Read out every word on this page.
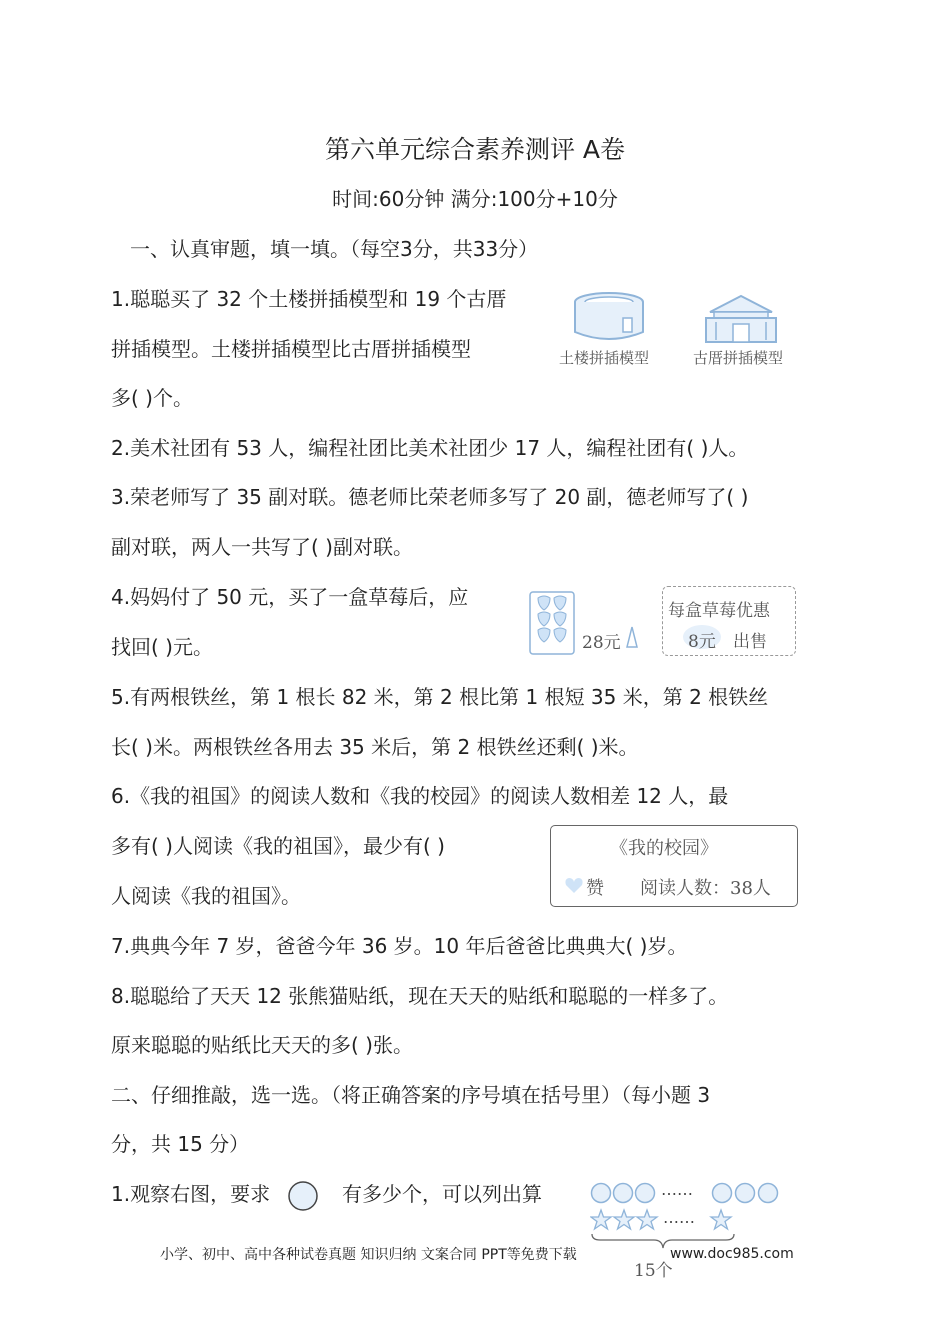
第六单元综合素养测评 A卷
时间:60分钟 满分:100分+10分
一、认真审题，填一填。（每空3分，共33分）
1.聪聪买了 32 个土楼拼插模型和 19 个古厝
拼插模型。土楼拼插模型比古厝拼插模型
多( )个。
土楼拼插模型	古厝拼插模型
2.美术社团有 53 人，编程社团比美术社团少 17 人，编程社团有( )人。
3.荣老师写了 35 副对联。德老师比荣老师多写了 20 副，德老师写了( )
副对联，两人一共写了( )副对联。
4.妈妈付了 50 元，买了一盒草莓后，应
找回( )元。	28元
每盒草莓优惠
8元 出售
5.有两根铁丝，第 1 根长 82 米，第 2 根比第 1 根短 35 米，第 2 根铁丝
长( )米。两根铁丝各用去 35 米后，第 2 根铁丝还剩( )米。
6.《我的祖国》的阅读人数和《我的校园》的阅读人数相差 12 人，最
多有( )人阅读《我的祖国》，最少有( )
人阅读《我的祖国》。
《我的校园》
赞 阅读人数：38人
7.典典今年 7 岁，爸爸今年 36 岁。10 年后爸爸比典典大( )岁。
8.聪聪给了天天 12 张熊猫贴纸，现在天天的贴纸和聪聪的一样多了。
原来聪聪的贴纸比天天的多( )张。
二、仔细推敲，选一选。（将正确答案的序号填在括号里）（每小题 3
分，共 15 分）
1.观察右图，要求	有多少个，可以列出算	……
……
小学、初中、高中各种试卷真题 知识归纳 文案合同 PPT等免费下载	www.doc985.com
15个
